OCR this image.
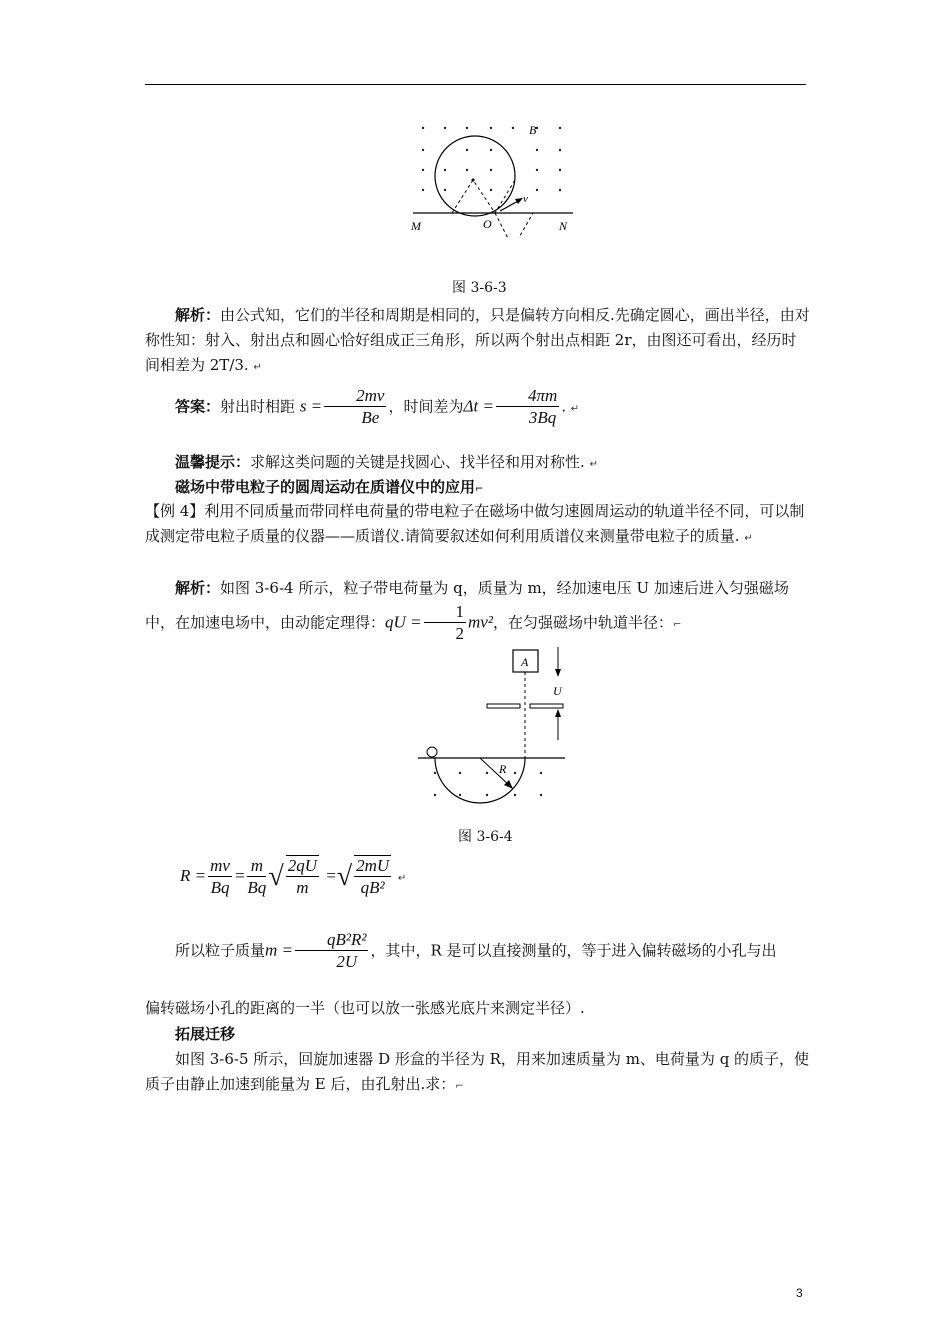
B
v
M	O	N
图 3-6-3
解析：由公式知，它们的半径和周期是相同的，只是偏转方向相反.先确定圆心，画出半径，由对称性知：射入、射出点和圆心恰好组成正三角形，所以两个射出点相距 2r，由图还可看出，经历时间相差为 2T/3. ↵
答案：射出时相距 $s = \frac{2mv}{Be}$ ，时间差为$\Delta t = \frac{4\pi m}{3Bq}$ . ↵
温馨提示：求解这类问题的关键是找圆心、找半径和用对称性. ↵
磁场中带电粒子的圆周运动在质谱仪中的应用⌐
【例 4】利用不同质量而带同样电荷量的带电粒子在磁场中做匀速圆周运动的轨道半径不同，可以制成测定带电粒子质量的仪器——质谱仪.请简要叙述如何利用质谱仪来测量带电粒子的质量. ↵
解析：如图 3-6-4 所示，粒子带电荷量为 q，质量为 m，经加速电压 U 加速后进入匀强磁场中，在加速电场中，由动能定理得：qU = $\frac{1}{2} mv^2$，在匀强磁场中轨道半径：⌐
A
U
R
图 3-6-4
$R = \frac{mv}{Bq} = \frac{m}{Bq}$ √ $\frac{2qU}{m}$ =√ $\frac{2mU}{\text{qB²}}$ ↵
所以粒子质量$m = \frac{\text{qB²R²}}{2U}$ ，其中，R 是可以直接测量的，等于进入偏转磁场的小孔与出
偏转磁场小孔的距离的一半（也可以放一张感光底片来测定半径）.
拓展迁移
如图 3-6-5 所示，回旋加速器 D 形盒的半径为 R，用来加速质量为 m、电荷量为 q 的质子，使质子由静止加速到能量为 E 后，由孔射出.求：⌐
3
